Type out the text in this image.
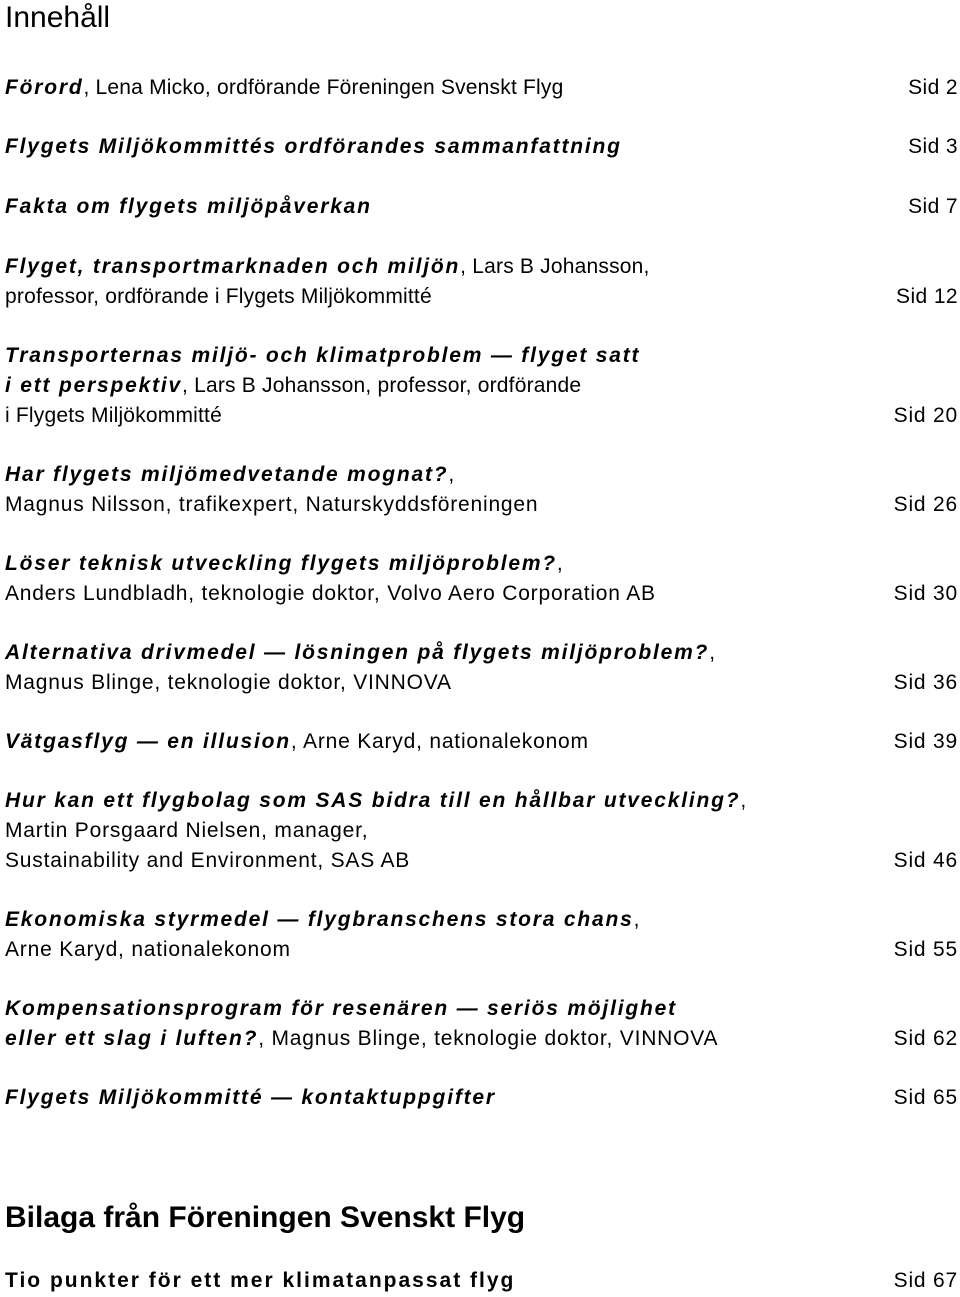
Innehåll
Förord, Lena Micko, ordförande Föreningen Svenskt Flyg	Sid 2
Flygets Miljökommittés ordförandes sammanfattning	Sid 3
Fakta om flygets miljöpåverkan	Sid 7
Flyget, transportmarknaden och miljön, Lars B Johansson,
professor, ordförande i Flygets Miljökommitté	Sid 12
Transporternas miljö- och klimatproblem — flyget satt
i ett perspektiv, Lars B Johansson, professor, ordförande
i Flygets Miljökommitté	Sid 20
Har flygets miljömedvetande mognat?,
Magnus Nilsson, trafikexpert, Naturskyddsföreningen	Sid 26
Löser teknisk utveckling flygets miljöproblem?,
Anders Lundbladh, teknologie doktor, Volvo Aero Corporation AB	Sid 30
Alternativa drivmedel — lösningen på flygets miljöproblem?,
Magnus Blinge, teknologie doktor, VINNOVA	Sid 36
Vätgasflyg — en illusion, Arne Karyd, nationalekonom	Sid 39
Hur kan ett flygbolag som SAS bidra till en hållbar utveckling?,
Martin Porsgaard Nielsen, manager,
Sustainability and Environment, SAS AB	Sid 46
Ekonomiska styrmedel — flygbranschens stora chans,
Arne Karyd, nationalekonom	Sid 55
Kompensationsprogram för resenären — seriös möjlighet
eller ett slag i luften?, Magnus Blinge, teknologie doktor, VINNOVA	Sid 62
Flygets Miljökommitté — kontaktuppgifter	Sid 65
Bilaga från Föreningen Svenskt Flyg
Tio punkter för ett mer klimatanpassat flyg	Sid 67
